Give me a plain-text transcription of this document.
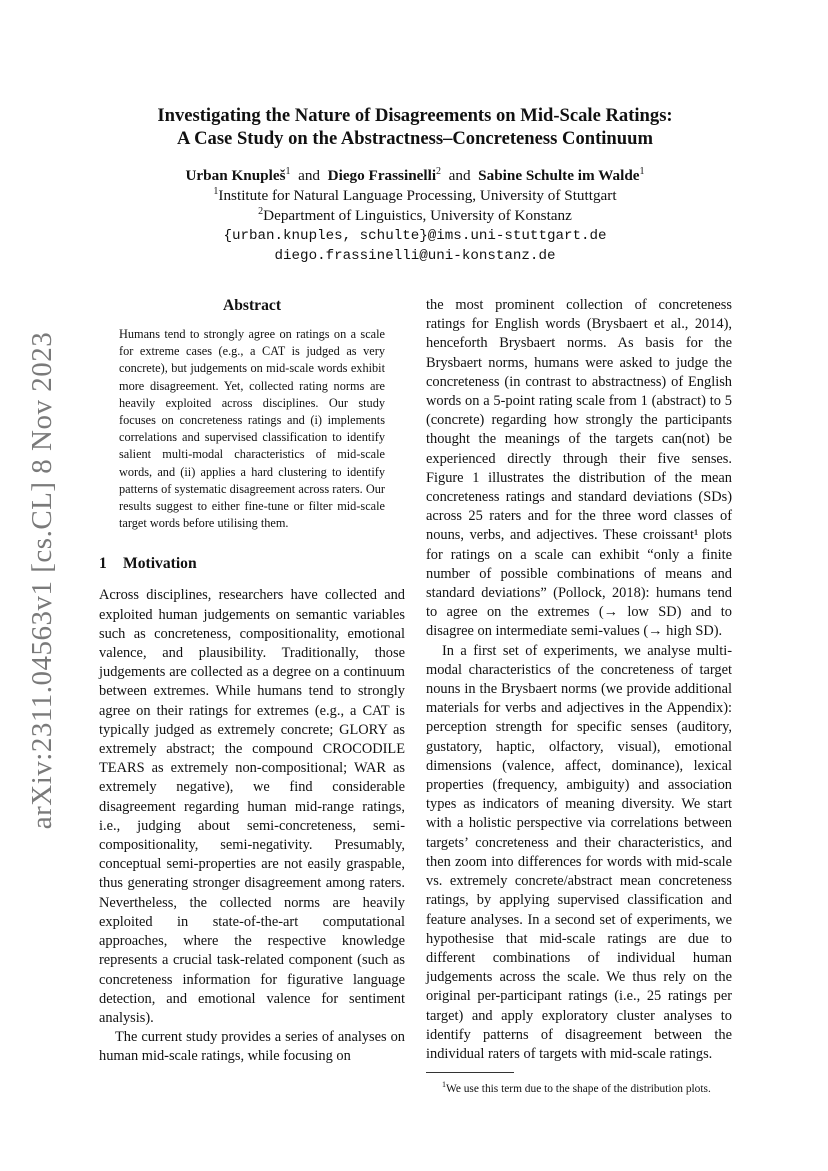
arXiv:2311.04563v1 [cs.CL] 8 Nov 2023
Investigating the Nature of Disagreements on Mid-Scale Ratings:
A Case Study on the Abstractness–Concreteness Continuum
Urban Knupleš$^1$ and Diego Frassinelli$^2$ and Sabine Schulte im Walde$^1$
$^1$Institute for Natural Language Processing, University of Stuttgart
$^2$Department of Linguistics, University of Konstanz
{urban.knuples, schulte}@ims.uni-stuttgart.de
diego.frassinelli@uni-konstanz.de
Abstract

Humans tend to strongly agree on ratings on a scale for extreme cases (e.g., a CAT is judged as very concrete), but judgements on mid-scale words exhibit more disagreement. Yet, collected rating norms are heavily exploited across disciplines. Our study focuses on concreteness ratings and (i) implements correlations and supervised classification to identify salient multi-modal characteristics of mid-scale words, and (ii) applies a hard clustering to identify patterns of systematic disagreement across raters. Our results suggest to either fine-tune or filter mid-scale target words before utilising them.

1 Motivation

Across disciplines, researchers have collected and exploited human judgements on semantic variables such as concreteness, compositionality, emotional valence, and plausibility. Traditionally, those judgements are collected as a degree on a continuum between extremes. While humans tend to strongly agree on their ratings for extremes (e.g., a CAT is typically judged as extremely concrete; GLORY as extremely abstract; the compound CROCODILE TEARS as extremely non-compositional; WAR as extremely negative), we find considerable disagreement regarding human mid-range ratings, i.e., judging about semi-concreteness, semi-compositionality, semi-negativity. Presumably, conceptual semi-properties are not easily graspable, thus generating stronger disagreement among raters. Nevertheless, the collected norms are heavily exploited in state-of-the-art computational approaches, where the respective knowledge represents a crucial task-related component (such as concreteness information for figurative language detection, and emotional valence for sentiment analysis).

The current study provides a series of analyses on human mid-scale ratings, while focusing on

the most prominent collection of concreteness ratings for English words (Brysbaert et al., 2014), henceforth Brysbaert norms. As basis for the Brysbaert norms, humans were asked to judge the concreteness (in contrast to abstractness) of English words on a 5-point rating scale from 1 (abstract) to 5 (concrete) regarding how strongly the participants thought the meanings of the targets can(not) be experienced directly through their five senses. Figure 1 illustrates the distribution of the mean concreteness ratings and standard deviations (SDs) across 25 raters and for the three word classes of nouns, verbs, and adjectives. These croissant¹ plots for ratings on a scale can exhibit “only a finite number of possible combinations of means and standard deviations” (Pollock, 2018): humans tend to agree on the extremes (→ low SD) and to disagree on intermediate semi-values (→ high SD).

In a first set of experiments, we analyse multi-modal characteristics of the concreteness of target nouns in the Brysbaert norms (we provide additional materials for verbs and adjectives in the Appendix): perception strength for specific senses (auditory, gustatory, haptic, olfactory, visual), emotional dimensions (valence, affect, dominance), lexical properties (frequency, ambiguity) and association types as indicators of meaning diversity. We start with a holistic perspective via correlations between targets’ concreteness and their characteristics, and then zoom into differences for words with mid-scale vs. extremely concrete/abstract mean concreteness ratings, by applying supervised classification and feature analyses. In a second set of experiments, we hypothesise that mid-scale ratings are due to different combinations of individual human judgements across the scale. We thus rely on the original per-participant ratings (i.e., 25 ratings per target) and apply exploratory cluster analyses to identify patterns of disagreement between the individual raters of targets with mid-scale ratings.

$^1$We use this term due to the shape of the distribution plots.
